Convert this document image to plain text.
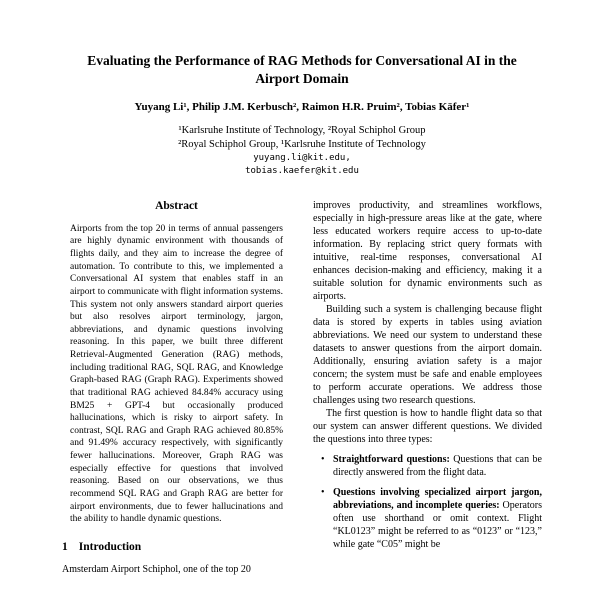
Evaluating the Performance of RAG Methods for Conversational AI in the Airport Domain
Yuyang Li¹, Philip J.M. Kerbusch², Raimon H.R. Pruim², Tobias Käfer¹
¹Karlsruhe Institute of Technology, ²Royal Schiphol Group
²Royal Schiphol Group, ¹Karlsruhe Institute of Technology
yuyang.li@kit.edu,
tobias.kaefer@kit.edu
Abstract

Airports from the top 20 in terms of annual passengers are highly dynamic environment with thousands of flights daily, and they aim to increase the degree of automation. To contribute to this, we implemented a Conversational AI system that enables staff in an airport to communicate with flight information systems. This system not only answers standard airport queries but also resolves airport terminology, jargon, abbreviations, and dynamic questions involving reasoning. In this paper, we built three different Retrieval-Augmented Generation (RAG) methods, including traditional RAG, SQL RAG, and Knowledge Graph-based RAG (Graph RAG). Experiments showed that traditional RAG achieved 84.84% accuracy using BM25 + GPT-4 but occasionally produced hallucinations, which is risky to airport safety. In contrast, SQL RAG and Graph RAG achieved 80.85% and 91.49% accuracy respectively, with significantly fewer hallucinations. Moreover, Graph RAG was especially effective for questions that involved reasoning. Based on our observations, we thus recommend SQL RAG and Graph RAG are better for airport environments, due to fewer hallucinations and the ability to handle dynamic questions.

1 Introduction

Amsterdam Airport Schiphol, one of the top 20

improves productivity, and streamlines workflows, especially in high-pressure areas like at the gate, where less educated workers require access to up-to-date information. By replacing strict query formats with intuitive, real-time responses, conversational AI enhances decision-making and efficiency, making it a suitable solution for dynamic environments such as airports.

Building such a system is challenging because flight data is stored by experts in tables using aviation abbreviations. We need our system to understand these datasets to answer questions from the airport domain. Additionally, ensuring aviation safety is a major concern; the system must be safe and enable employees to perform accurate operations. We address those challenges using two research questions.

The first question is how to handle flight data so that our system can answer different questions. We divided the questions into three types:

• Straightforward questions: Questions that can be directly answered from the flight data.
• Questions involving specialized airport jargon, abbreviations, and incomplete queries: Operators often use shorthand or omit context. Flight “KL0123” might be referred to as “0123” or “123,” while gate “C05” might be
